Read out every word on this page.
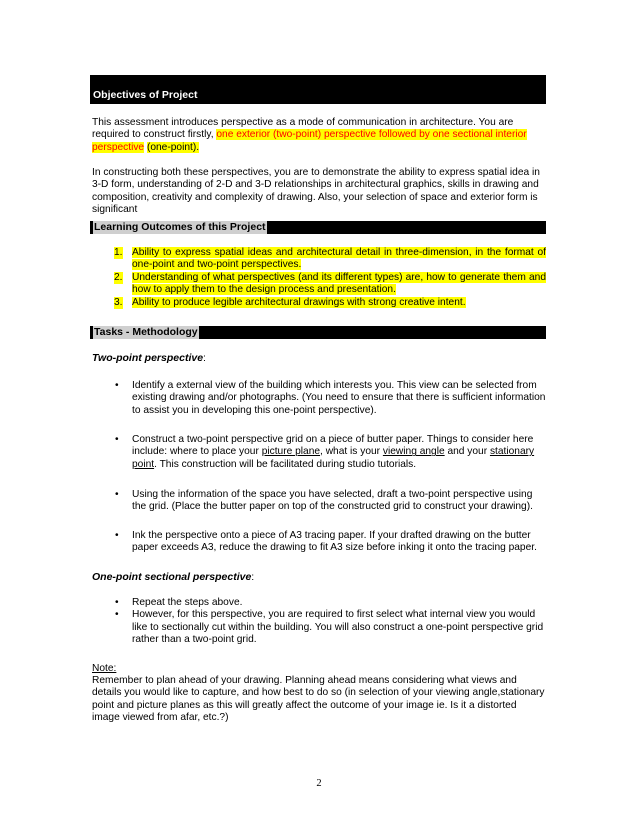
Objectives of Project

This assessment introduces perspective as a mode of communication in architecture. You are required to construct firstly, one exterior (two-point) perspective followed by one sectional interior perspective (one-point).

In constructing both these perspectives, you are to demonstrate the ability to express spatial idea in 3-D form, understanding of 2-D and 3-D relationships in architectural graphics, skills in drawing and composition, creativity and complexity of drawing. Also, your selection of space and exterior form is significant

Learning Outcomes of this Project
1. Ability to express spatial ideas and architectural detail in three-dimension, in the format of one-point and two-point perspectives.
2. Understanding of what perspectives (and its different types) are, how to generate them and how to apply them to the design process and presentation.
3. Ability to produce legible architectural drawings with strong creative intent.
Tasks - Methodology

Two-point perspective:

• Identify a external view of the building which interests you. This view can be selected from existing drawing and/or photographs. (You need to ensure that there is sufficient information to assist you in developing this one-point perspective).
• Construct a two-point perspective grid on a piece of butter paper. Things to consider here include: where to place your picture plane, what is your viewing angle and your stationary point. This construction will be facilitated during studio tutorials.
• Using the information of the space you have selected, draft a two-point perspective using the grid. (Place the butter paper on top of the constructed grid to construct your drawing).
• Ink the perspective onto a piece of A3 tracing paper. If your drafted drawing on the butter paper exceeds A3, reduce the drawing to fit A3 size before inking it onto the tracing paper.

One-point sectional perspective:

• Repeat the steps above.
• However, for this perspective, you are required to first select what internal view you would like to sectionally cut within the building. You will also construct a one-point perspective grid rather than a two-point grid.

Note:

Remember to plan ahead of your drawing. Planning ahead means considering what views and details you would like to capture, and how best to do so (in selection of your viewing angle,stationary point and picture planes as this will greatly affect the outcome of your image ie. Is it a distorted image viewed from afar, etc.?)

2
